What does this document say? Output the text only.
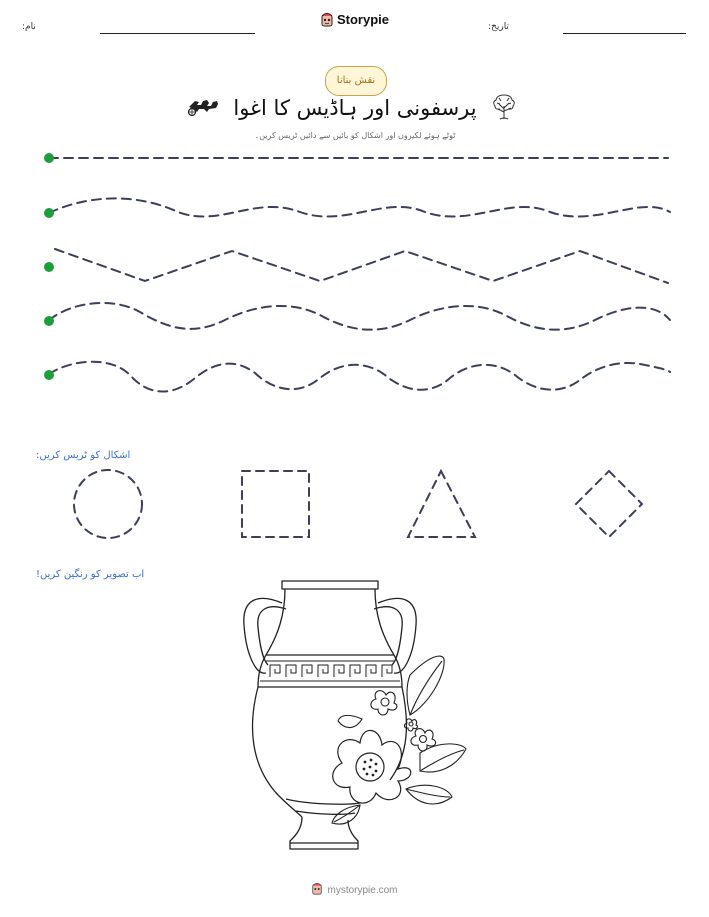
Storypie	تاریخ:
نام:
نقش بنانا
پرسفونی اور ہاڈیس کا اغوا
ٹوٹے ہوئے لکیروں اور اشکال کو بائیں سے دائیں ٹریس کریں۔
اشکال کو ٹریس کریں:
اب تصویر کو رنگین کریں!
mystorypie.com
